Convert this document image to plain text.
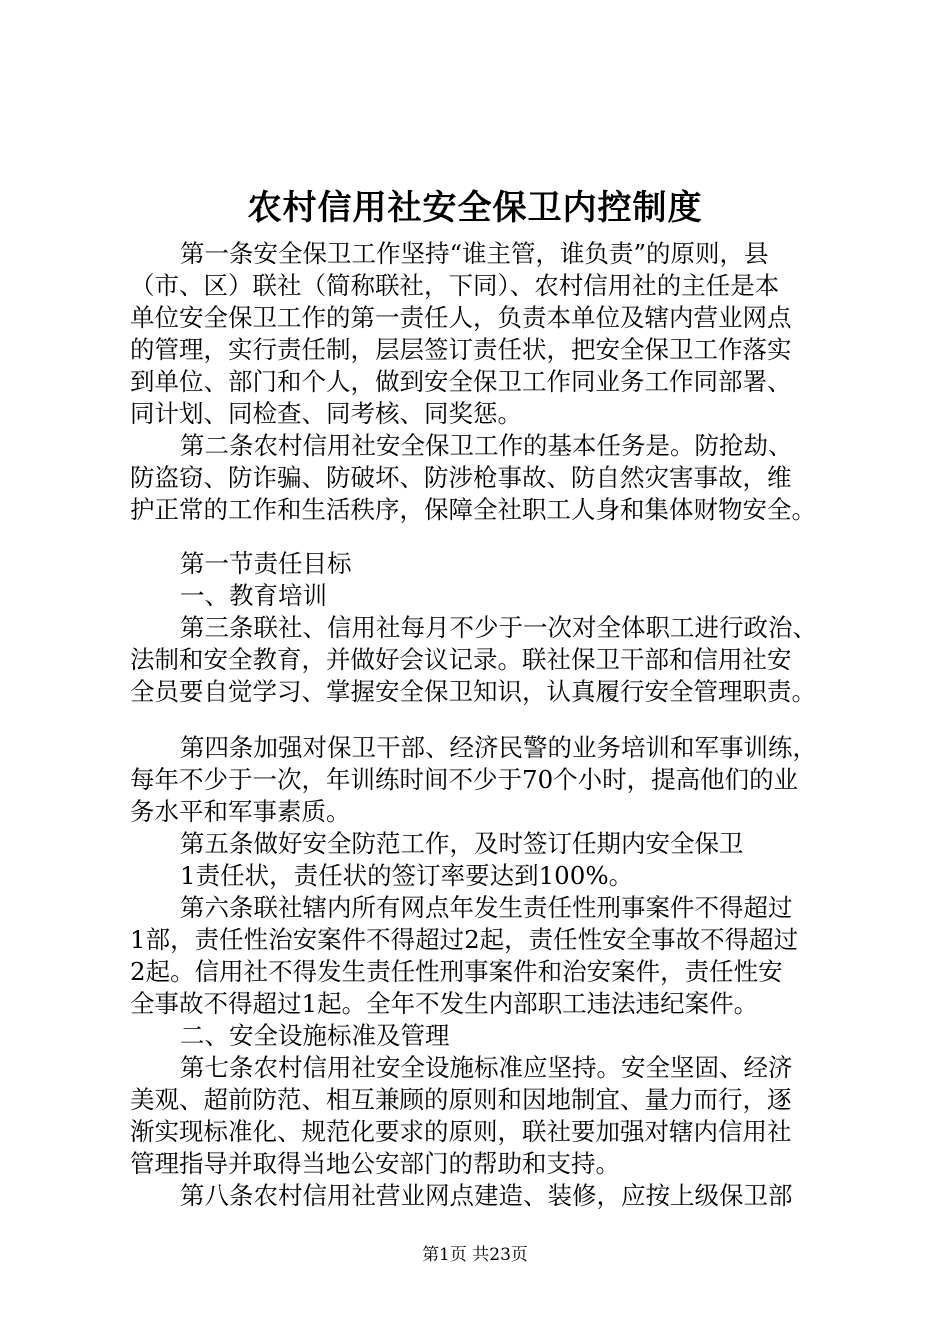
农村信用社安全保卫内控制度
第一条安全保卫工作坚持“谁主管，谁负责”的原则，县
（市、区）联社（简称联社，下同）、农村信用社的主任是本
单位安全保卫工作的第一责任人，负责本单位及辖内营业网点
的管理，实行责任制，层层签订责任状，把安全保卫工作落实
到单位、部门和个人，做到安全保卫工作同业务工作同部署、
同计划、同检查、同考核、同奖惩。
第二条农村信用社安全保卫工作的基本任务是。防抢劫、
防盗窃、防诈骗、防破坏、防涉枪事故、防自然灾害事故，维
护正常的工作和生活秩序，保障全社职工人身和集体财物安全。
第一节责任目标
一、教育培训
第三条联社、信用社每月不少于一次对全体职工进行政治、
法制和安全教育，并做好会议记录。联社保卫干部和信用社安
全员要自觉学习、掌握安全保卫知识，认真履行安全管理职责。
第四条加强对保卫干部、经济民警的业务培训和军事训练，
每年不少于一次，年训练时间不少于70个小时，提高他们的业
务水平和军事素质。
第五条做好安全防范工作，及时签订任期内安全保卫
1责任状，责任状的签订率要达到100%。
第六条联社辖内所有网点年发生责任性刑事案件不得超过
1部，责任性治安案件不得超过2起，责任性安全事故不得超过
2起。信用社不得发生责任性刑事案件和治安案件，责任性安
全事故不得超过1起。全年不发生内部职工违法违纪案件。
二、安全设施标准及管理
第七条农村信用社安全设施标准应坚持。安全坚固、经济
美观、超前防范、相互兼顾的原则和因地制宜、量力而行，逐
渐实现标准化、规范化要求的原则，联社要加强对辖内信用社
管理指导并取得当地公安部门的帮助和支持。
第八条农村信用社营业网点建造、装修，应按上级保卫部
第1页 共23页
